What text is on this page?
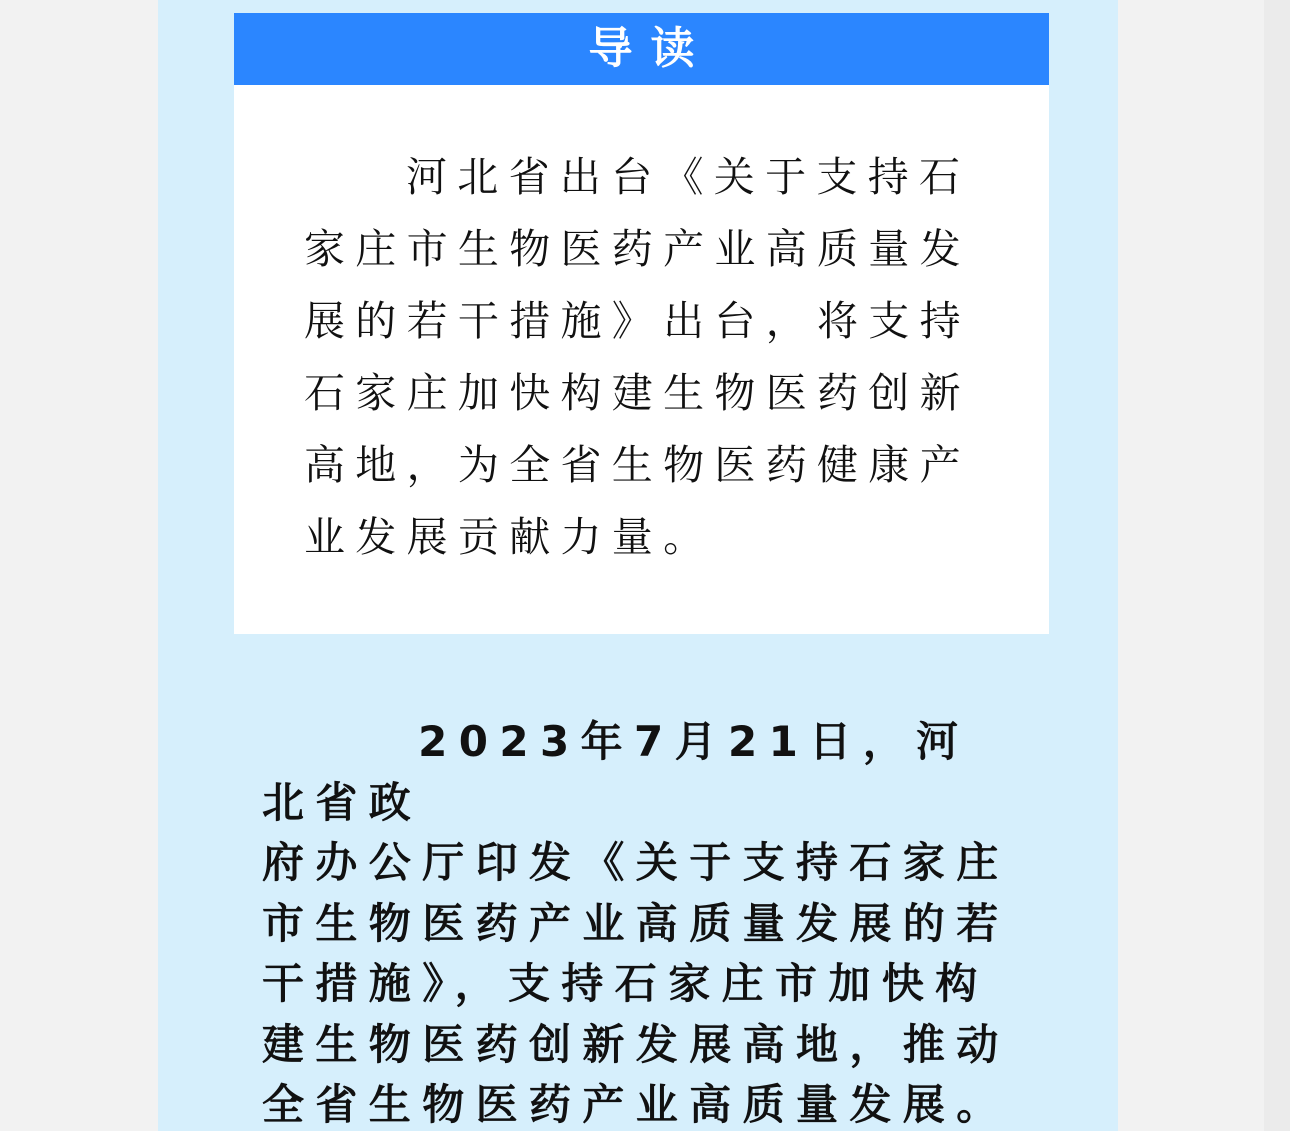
导读

河北省出台《关于支持石
家庄市生物医药产业高质量发
展的若干措施》出台，将支持
石家庄加快构建生物医药创新
高地，为全省生物医药健康产
业发展贡献力量。

2023年7月21日，河北省政
府办公厅印发《关于支持石家庄
市生物医药产业高质量发展的若
干措施》，支持石家庄市加快构
建生物医药创新发展高地，推动
全省生物医药产业高质量发展。
